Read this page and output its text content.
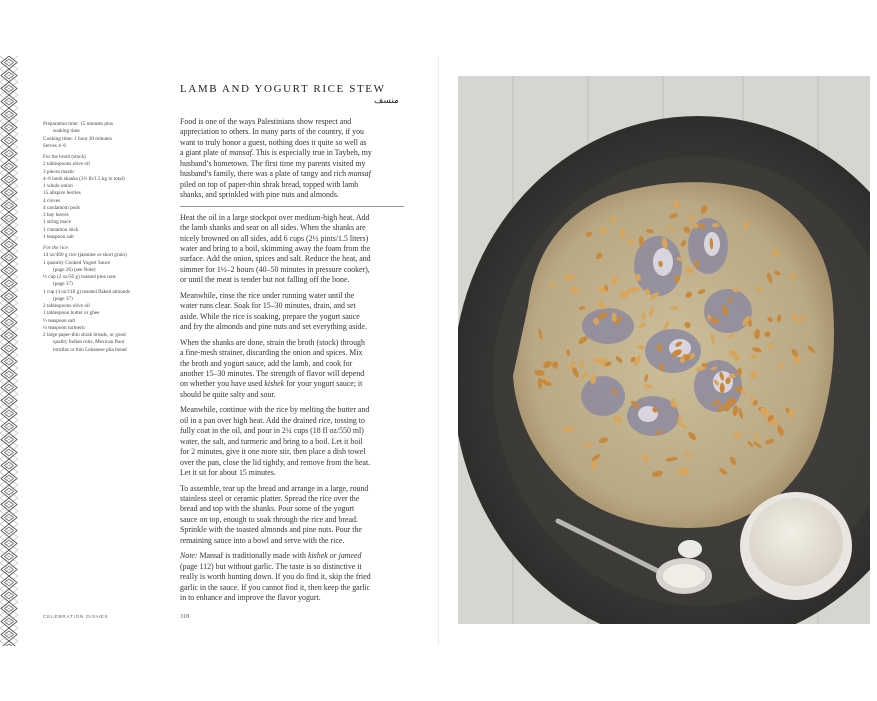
LAMB AND YOGURT RICE STEW
منسف
Preparation time: 15 minutes plus
soaking time
Cooking time: 1 hour 30 minutes
Serves 4–6
For the broth (stock)
2 tablespoons olive oil
3 pieces mastic
4–6 lamb shanks (3½ lb/1.5 kg in total)
1 whole onion
15 allspice berries
4 cloves
4 cardamom pods
3 bay leaves
1 string mace
1 cinnamon stick
1 teaspoon salt
For the rice
14 oz/400 g rice (jasmine or short grain)
1 quantity Cooked Yogurt Sauce
(page 26) (see Note)
⅓ cup (2 oz/50 g) toasted pine nuts
(page 37)
1 cup (4 oz/110 g) toasted flaked almonds
(page 37)
2 tablespoons olive oil
1 tablespoon butter or ghee
½ teaspoon salt
¼ teaspoon turmeric
2 large paper-thin shrak breads, or good
quality Indian rotis, Mexican flour
tortillas or thin Lebanese pita bread

Food is one of the ways Palestinians show respect and
appreciation to others. In many parts of the country, if you
want to truly honor a guest, nothing does it quite so well as
a giant plate of mansaf. This is especially true in Taybeh, my
husband’s hometown. The first time my parents visited my
husband’s family, there was a plate of tangy and rich mansaf
piled on top of paper-thin shrak bread, topped with lamb
shanks, and sprinkled with pine nuts and almonds.

Heat the oil in a large stockpot over medium-high heat. Add
the lamb shanks and sear on all sides. When the shanks are
nicely browned on all sides, add 6 cups (2½ pints/1.5 liters)
water and bring to a boil, skimming away the foam from the
surface. Add the onion, spices and salt. Reduce the heat, and
simmer for 1½–2 hours (40–50 minutes in pressure cooker),
or until the meat is tender but not falling off the bone.

Meanwhile, rinse the rice under running water until the
water runs clear. Soak for 15–30 minutes, drain, and set
aside. While the rice is soaking, prepare the yogurt sauce
and fry the almonds and pine nuts and set everything aside.

When the shanks are done, strain the broth (stock) through
a fine-mesh strainer, discarding the onion and spices. Mix
the broth and yogurt sauce, add the lamb, and cook for
another 15–30 minutes. The strength of flavor will depend
on whether you have used kishek for your yogurt sauce; it
should be quite salty and sour.

Meanwhile, continue with the rice by melting the butter and
oil in a pan over high heat. Add the drained rice, tossing to
fully coat in the oil, and pour in 2¼ cups (18 fl oz/550 ml)
water, the salt, and turmeric and bring to a boil. Let it boil
for 2 minutes, give it one more stir, then place a dish towel
over the pan, close the lid tightly, and remove from the heat.
Let it sit for about 15 minutes.

To assemble, tear up the bread and arrange in a large, round
stainless steel or ceramic platter. Spread the rice over the
bread and top with the shanks. Pour some of the yogurt
sauce on top, enough to soak through the rice and bread.
Sprinkle with the toasted almonds and pine nuts. Pour the
remaining sauce into a bowl and serve with the rice.

Note: Mansaf is traditionally made with kishek or jameed
(page 112) but without garlic. The taste is so distinctive it
really is worth hunting down. If you do find it, skip the fried
garlic in the sauce. If you cannot find it, then keep the garlic
in to enhance and improve the flavor yogurt.

CELEBRATION DISHES	318
